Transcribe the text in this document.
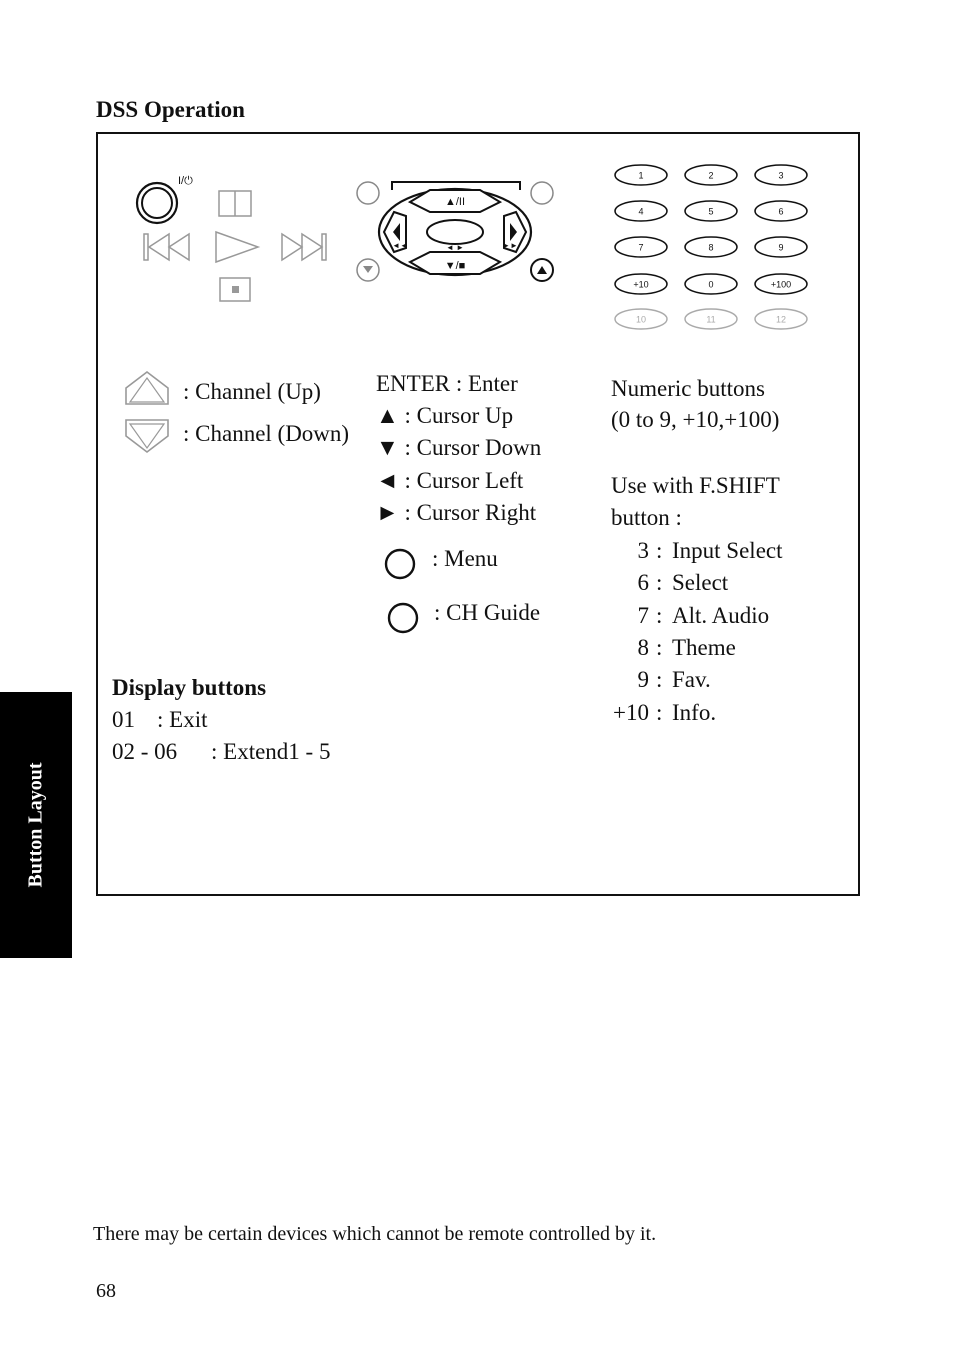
DSS Operation
Button Layout
I/⏻
▲/II
▼/■
◄◄	►►
◄ ►
1	2	3
4	5	6
7	8	9
+10	0	+100
10	11	12
: Channel (Up)
: Channel (Down)
ENTER : Enter
▲ : Cursor Up
▼ : Cursor Down
◄ : Cursor Left
► : Cursor Right
: Menu
: CH Guide
Numeric buttons
(0 to 9, +10,+100)
Use with F.SHIFT
button :
3 : Input Select
6 : Select
7 : Alt. Audio
8 : Theme
9 : Fav.
+10 : Info.
Display buttons
01 : Exit
02 - 06 : Extend1 - 5
There may be certain devices which cannot be remote controlled by it.
68
